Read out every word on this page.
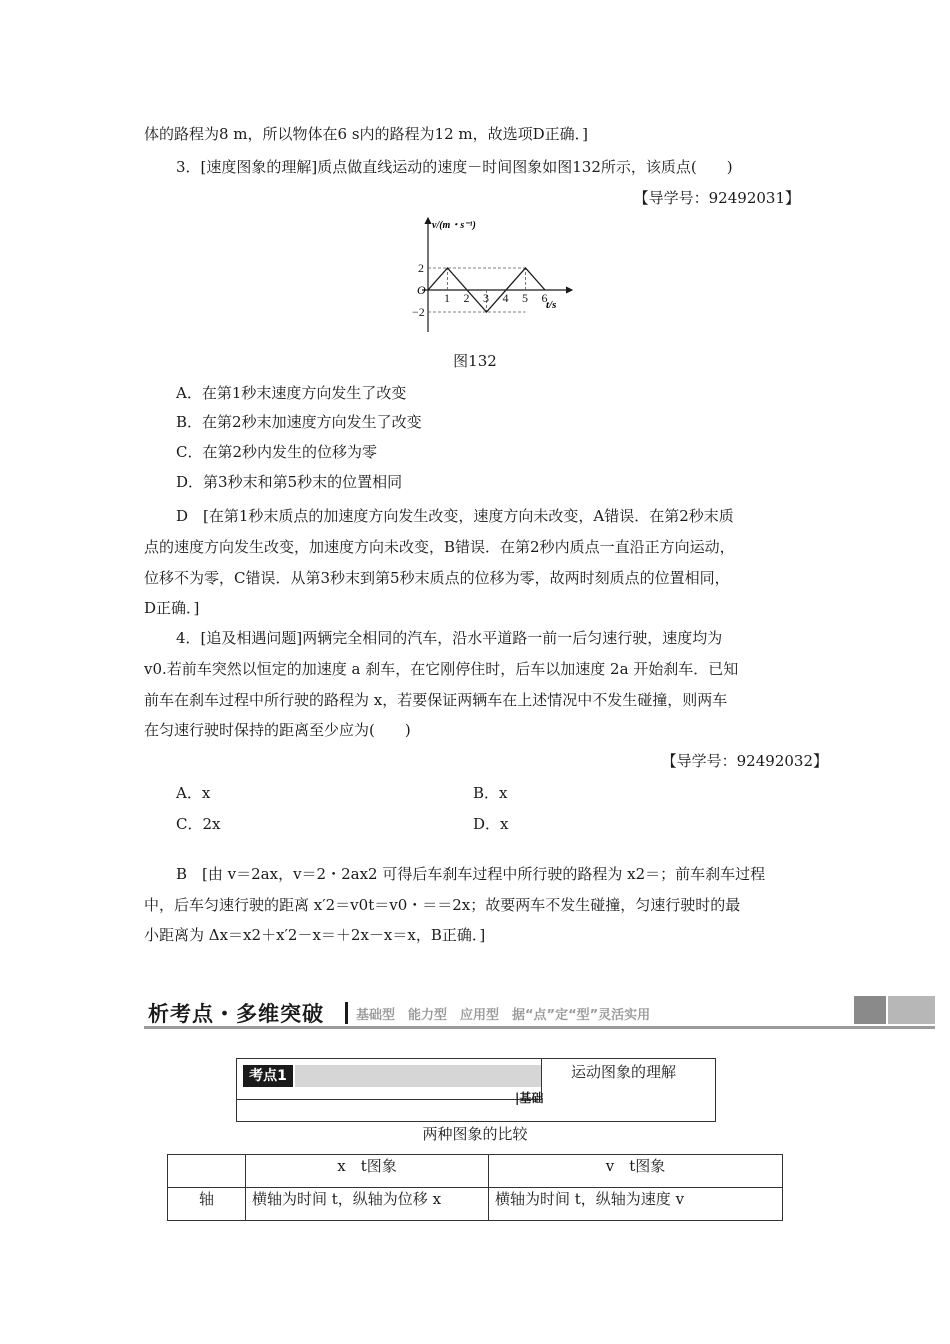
体的路程为8 m，所以物体在6 s内的路程为12 m，故选项D正确．]
3．[速度图象的理解]质点做直线运动的速度－时间图象如图132所示，该质点(　　)
【导学号：92492031】
1 2 3 4 5 6
2
−2
v/(m・s⁻¹)
t/s
O
图132
A．在第1秒末速度方向发生了改变
B．在第2秒末加速度方向发生了改变
C．在第2秒内发生的位移为零
D．第3秒末和第5秒末的位置相同
D　[在第1秒末质点的加速度方向发生改变，速度方向未改变，A错误．在第2秒末质
点的速度方向发生改变，加速度方向未改变，B错误．在第2秒内质点一直沿正方向运动，
位移不为零，C错误．从第3秒末到第5秒末质点的位移为零，故两时刻质点的位置相同，
D正确．]
4．[追及相遇问题]两辆完全相同的汽车，沿水平道路一前一后匀速行驶，速度均为
v0.若前车突然以恒定的加速度 a 刹车，在它刚停住时，后车以加速度 2a 开始刹车．已知
前车在刹车过程中所行驶的路程为 x，若要保证两辆车在上述情况中不发生碰撞，则两车
在匀速行驶时保持的距离至少应为(　　)
【导学号：92492032】
A．x	B．x
C．2x	D．x
B　[由 v＝2ax，v＝2・2ax2 可得后车刹车过程中所行驶的路程为 x2＝；前车刹车过程
中，后车匀速行驶的距离 x′2＝v0t＝v0・＝＝2x；故要两车不发生碰撞，匀速行驶时的最
小距离为 Δx＝x2＋x′2－x＝＋2x－x＝x，B正确．]
析考点・多维突破 基础型　能力型　应用型　据“点”定“型”灵活实用
考点1
|基础
运动图象的理解
两种图象的比较
	x　t图象	v　t图象
轴	横轴为时间 t，纵轴为位移 x	横轴为时间 t，纵轴为速度 v
